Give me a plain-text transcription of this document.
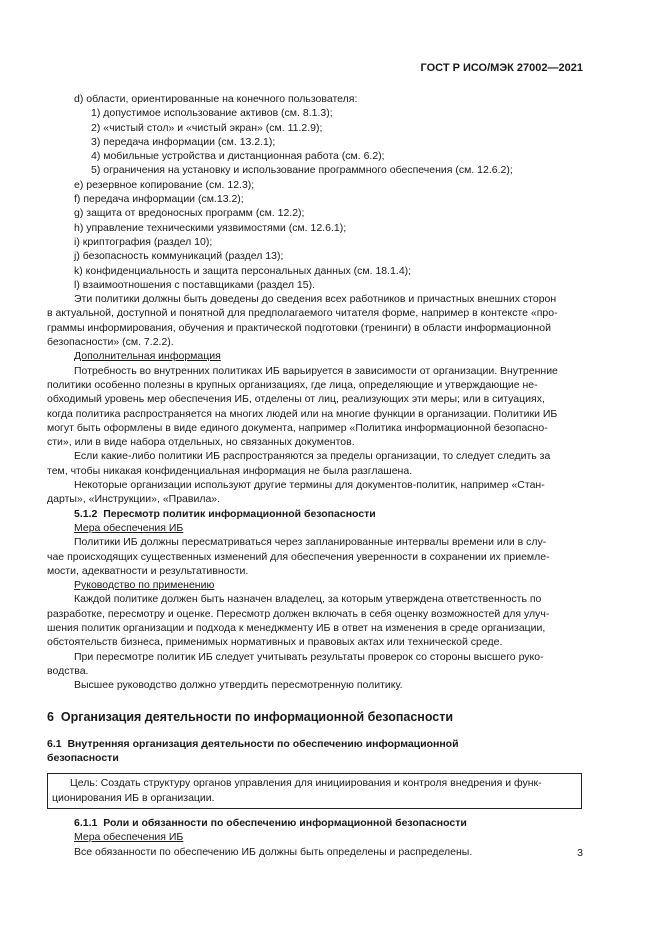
ГОСТ Р ИСО/МЭК 27002—2021
d) области, ориентированные на конечного пользователя:
1) допустимое использование активов (см. 8.1.3);
2) «чистый стол» и «чистый экран» (см. 11.2.9);
3) передача информации (см. 13.2.1);
4) мобильные устройства и дистанционная работа (см. 6.2);
5) ограничения на установку и использование программного обеспечения (см. 12.6.2);
e) резервное копирование (см. 12.3);
f) передача информации (см.13.2);
g) защита от вредоносных программ (см. 12.2);
h) управление техническими уязвимостями (см. 12.6.1);
i) криптография (раздел 10);
j) безопасность коммуникаций (раздел 13);
k) конфиденциальность и защита персональных данных (см. 18.1.4);
l) взаимоотношения с поставщиками (раздел 15).
Эти политики должны быть доведены до сведения всех работников и причастных внешних сторон
в актуальной, доступной и понятной для предполагаемого читателя форме, например в контексте «про-
граммы информирования, обучения и практической подготовки (тренинги) в области информационной
безопасности» (см. 7.2.2).
Дополнительная информация
Потребность во внутренних политиках ИБ варьируется в зависимости от организации. Внутренние
политики особенно полезны в крупных организациях, где лица, определяющие и утверждающие не-
обходимый уровень мер обеспечения ИБ, отделены от лиц, реализующих эти меры; или в ситуациях,
когда политика распространяется на многих людей или на многие функции в организации. Политики ИБ
могут быть оформлены в виде единого документа, например «Политика информационной безопасно-
сти», или в виде набора отдельных, но связанных документов.
Если какие-либо политики ИБ распространяются за пределы организации, то следует следить за
тем, чтобы никакая конфиденциальная информация не была разглашена.
Некоторые организации используют другие термины для документов-политик, например «Стан-
дарты», «Инструкции», «Правила».
5.1.2 Пересмотр политик информационной безопасности
Мера обеспечения ИБ
Политики ИБ должны пересматриваться через запланированные интервалы времени или в слу-
чае происходящих существенных изменений для обеспечения уверенности в сохранении их приемле-
мости, адекватности и результативности.
Руководство по применению
Каждой политике должен быть назначен владелец, за которым утверждена ответственность по
разработке, пересмотру и оценке. Пересмотр должен включать в себя оценку возможностей для улуч-
шения политик организации и подхода к менеджменту ИБ в ответ на изменения в среде организации,
обстоятельств бизнеса, применимых нормативных и правовых актах или технической среде.
При пересмотре политик ИБ следует учитывать результаты проверок со стороны высшего руко-
водства.
Высшее руководство должно утвердить пересмотренную политику.
6 Организация деятельности по информационной безопасности
6.1 Внутренняя организация деятельности по обеспечению информационной
безопасности
Цель: Создать структуру органов управления для инициирования и контроля внедрения и функ-
ционирования ИБ в организации.
6.1.1 Роли и обязанности по обеспечению информационной безопасности
Мера обеспечения ИБ
Все обязанности по обеспечению ИБ должны быть определены и распределены.	3
